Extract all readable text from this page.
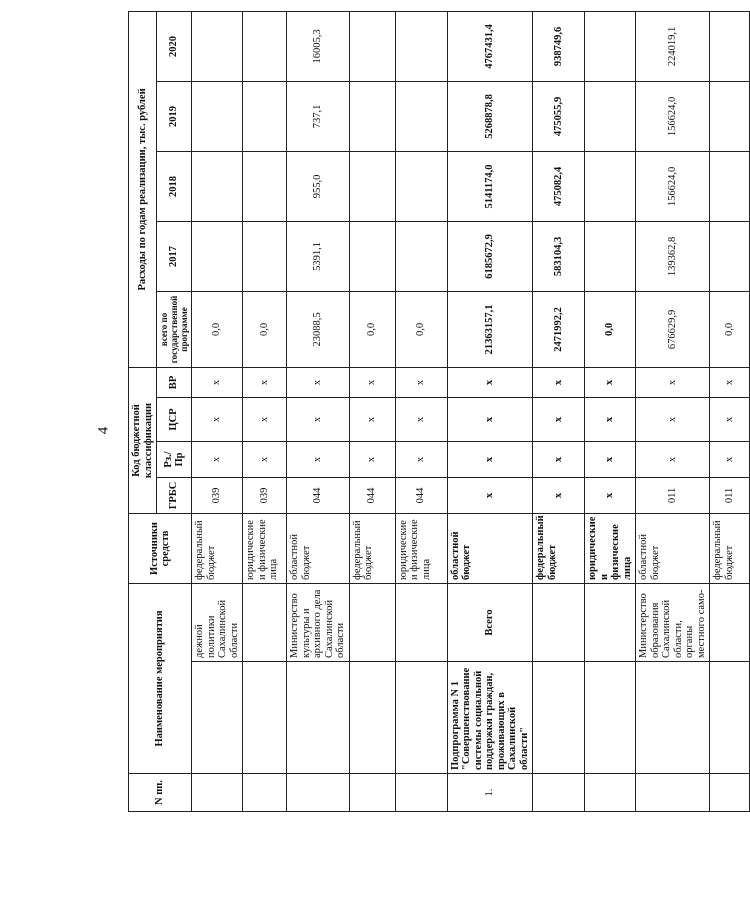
4
N пп.	Наименование мероприятия		Источники средств	Код бюджетной классификации				Расходы по годам реализации, тыс. рублей				
				ГРБС	Рз./Пр	ЦСР	ВР	всего по государственной программе	2017	2018	2019	2020
		дежной политики Сахалинской области	федеральный бюджет	039	x	x	x	0,0				
			юридические и физические лица	039	x	x	x	0,0				
		Министерство культуры и архивного дела Сахалинской области	областной бюджет	044	x	x	x	23088,5	5391,1	955,0	737,1	16005,3
			федеральный бюджет	044	x	x	x	0,0				
			юридические и физические лица	044	x	x	x	0,0				
1.	Подпрограмма N 1 "Совершенствование системы социальной поддержки граждан, проживающих в Сахалинской области"	Всего	областной бюджет	x	x	x	x	21363157,1	6185672,9	5141174,0	5268878,8	4767431,4
			федеральный бюджет	x	x	x	x	2471992,2	583104,3	475082,4	475055,9	938749,6
			юридические и физические лица	x	x	x	x	0,0				
		Министерство образования Сахалинской области, органы местного само-	областной бюджет	011	x	x	x	676629,9	139362,8	156624,0	156624,0	224019,1
			федеральный бюджет	011	x	x	x	0,0				
